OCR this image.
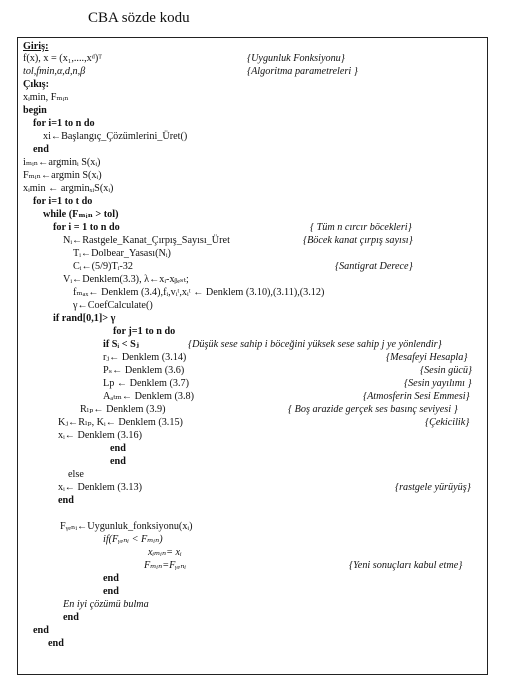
CBA sözde kodu
Giriş:
f(x), x = (x₁,....,xᵈ)ᵀ	{Uygunluk Fonksiyonu}
tol,fmin,α,d,n,β	{Algoritma parametreleri }
Çıkış:
xᵢmin, Fₘᵢₙ
begin
for i=1 to n do
xi←Başlangıç_Çözümlerini_Üret()
end
iₘᵢₙ←argminᵢ S(xᵢ)
Fₘᵢₙ←argmin S(xᵢ)
xᵢmin ← argminₓᵢS(xᵢ)
for i=1 to t do
while (Fₘᵢₙ > tol)
for i = 1 to n do	{ Tüm n cırcır böcekleri}
Nᵢ←Rastgele_Kanat_Çırpış_Sayısı_Üret	{Böcek kanat çırpış sayısı}
Tᵢ←Dolbear_Yasası(Nᵢ)
Cᵢ←(5/9)Tᵢ-32	{Santigrat Derece}
Vᵢ←Denklem(3.3), λ←xᵢ-xᵦₑₛₜ;
fₘₐₓ← Denklem (3.4),fᵢ,vᵢᵗ,xᵢᵗ ← Denklem (3.10),(3.11),(3.12)
γ←CoefCalculate()
if rand[0,1]> γ
for j=1 to n do
if Sᵢ < Sⱼ	{Düşük sese sahip i böceğini yüksek sese sahip j ye yönlendir}
rⱼ← Denklem (3.14)	{Mesafeyi Hesapla}
Pₛ← Denklem (3.6)	{Sesin gücü}
Lp ← Denklem (3.7)	{Sesin yayılımı }
Aₐₜₘ← Denklem (3.8)	{Atmosferin Sesi Emmesi}
Rₗₚ← Denklem (3.9)	{ Boş arazide gerçek ses basınç seviyesi }
Kⱼ←Rₗₚ, Kᵢ← Denklem (3.15)	{Çekicilik}
xᵢ← Denklem (3.16)
end
end
else
xᵢ← Denklem (3.13)	{rastgele yürüyüş}
end
Fᵧₑₙᵢ←Uygunluk_fonksiyonu(xᵢ)
if(Fᵧₑₙᵢ < Fₘᵢₙ)
xᵢₘᵢₙ= xᵢ
Fₘᵢₙ=Fᵧₑₙᵢ	{Yeni sonuçları kabul etme}
end
end
En iyi çözümü bulma
end
end
end
